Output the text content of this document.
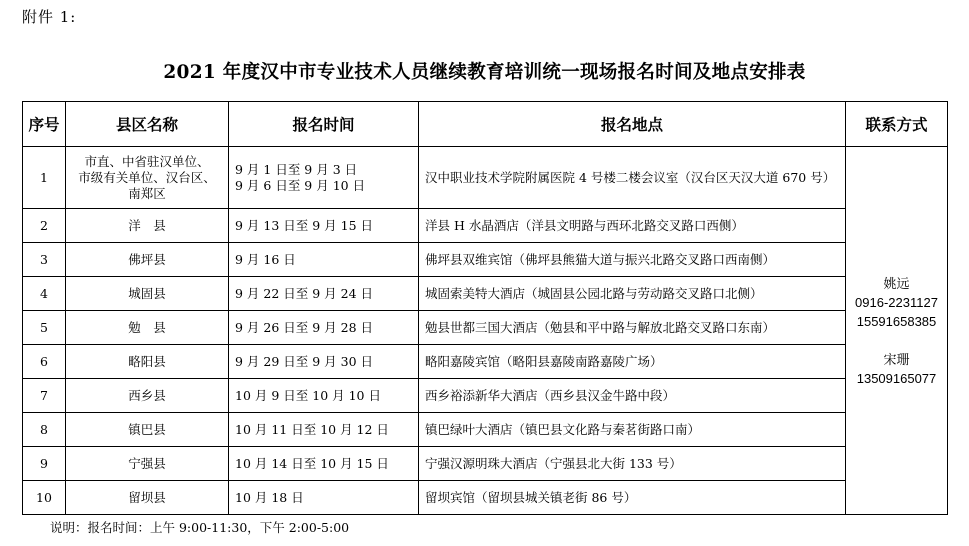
附件 1:
2021 年度汉中市专业技术人员继续教育培训统一现场报名时间及地点安排表
序号	县区名称	报名时间	报名地点	联系方式
1	市直、中省驻汉单位、
市级有关单位、汉台区、
南郑区	9 月 1 日至 9 月 3 日
9 月 6 日至 9 月 10 日	汉中职业技术学院附属医院 4 号楼二楼会议室（汉台区天汉大道 670 号）	姚远
0916-2231127
15591658385
宋珊
13509165077

2	洋　县	9 月 13 日至 9 月 15 日	洋县 H 水晶酒店（洋县文明路与西环北路交叉路口西侧）	
3	佛坪县	9 月 16 日	佛坪县双维宾馆（佛坪县熊猫大道与振兴北路交叉路口西南侧）	
4	城固县	9 月 22 日至 9 月 24 日	城固索美特大酒店（城固县公园北路与劳动路交叉路口北侧）	
5	勉　县	9 月 26 日至 9 月 28 日	勉县世都三国大酒店（勉县和平中路与解放北路交叉路口东南）	
6	略阳县	9 月 29 日至 9 月 30 日	略阳嘉陵宾馆（略阳县嘉陵南路嘉陵广场）	
7	西乡县	10 月 9 日至 10 月 10 日	西乡裕添新华大酒店（西乡县汉金牛路中段）	
8	镇巴县	10 月 11 日至 10 月 12 日	镇巴绿叶大酒店（镇巴县文化路与秦茗街路口南）	
9	宁强县	10 月 14 日至 10 月 15 日	宁强汉源明珠大酒店（宁强县北大街 133 号）	
10	留坝县	10 月 18 日	留坝宾馆（留坝县城关镇老街 86 号）	
说明：报名时间：上午 9:00-11:30，下午 2:00-5:00
